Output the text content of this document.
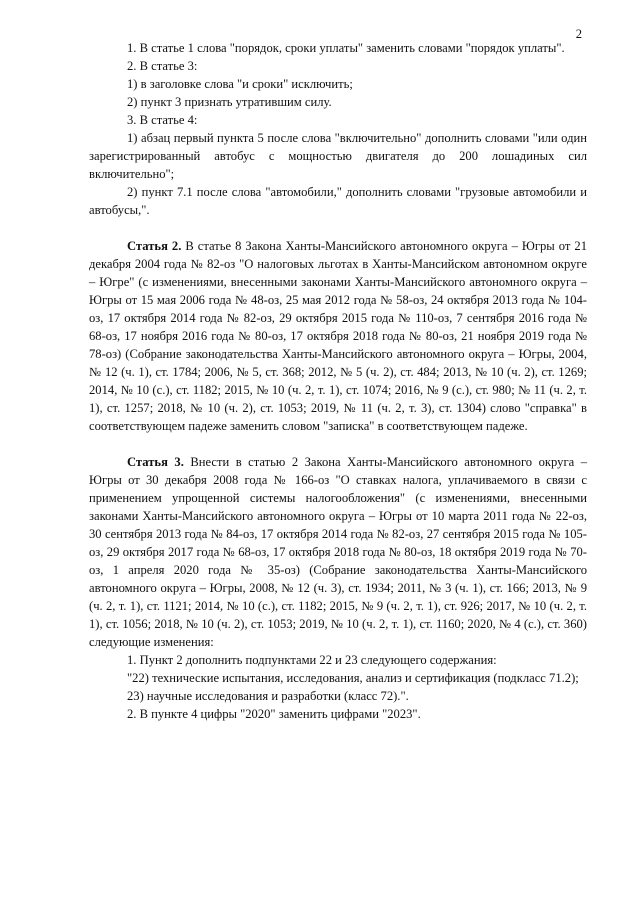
2

1. В статье 1 слова "порядок, сроки уплаты" заменить словами "порядок уплаты".

2. В статье 3:

1) в заголовке слова "и сроки" исключить;

2) пункт 3 признать утратившим силу.

3. В статье 4:

1) абзац первый пункта 5 после слова "включительно" дополнить словами "или один зарегистрированный автобус с мощностью двигателя до 200 лошадиных сил включительно";

2) пункт 7.1 после слова "автомобили," дополнить словами "грузовые автомобили и автобусы,".

Статья 2. В статье 8 Закона Ханты-Мансийского автономного округа – Югры от 21 декабря 2004 года № 82-оз "О налоговых льготах в Ханты-Мансийском автономном округе – Югре" (с изменениями, внесенными законами Ханты-Мансийского автономного округа – Югры от 15 мая 2006 года № 48-оз, 25 мая 2012 года № 58-оз, 24 октября 2013 года № 104-оз, 17 октября 2014 года № 82-оз, 29 октября 2015 года № 110-оз, 7 сентября 2016 года № 68-оз, 17 ноября 2016 года № 80-оз, 17 октября 2018 года № 80-оз, 21 ноября 2019 года № 78-оз) (Собрание законодательства Ханты-Мансийского автономного округа – Югры, 2004, № 12 (ч. 1), ст. 1784; 2006, № 5, ст. 368; 2012, № 5 (ч. 2), ст. 484; 2013, № 10 (ч. 2), ст. 1269; 2014, № 10 (с.), ст. 1182; 2015, № 10 (ч. 2, т. 1), ст. 1074; 2016, № 9 (с.), ст. 980; № 11 (ч. 2, т. 1), ст. 1257; 2018, № 10 (ч. 2), ст. 1053; 2019, № 11 (ч. 2, т. 3), ст. 1304) слово "справка" в соответствующем падеже заменить словом "записка" в соответствующем падеже.

Статья 3. Внести в статью 2 Закона Ханты-Мансийского автономного округа – Югры от 30 декабря 2008 года № 166-оз "О ставках налога, уплачиваемого в связи с применением упрощенной системы налогообложения" (с изменениями, внесенными законами Ханты-Мансийского автономного округа – Югры от 10 марта 2011 года № 22-оз, 30 сентября 2013 года № 84-оз, 17 октября 2014 года № 82-оз, 27 сентября 2015 года № 105-оз, 29 октября 2017 года № 68-оз, 17 октября 2018 года № 80-оз, 18 октября 2019 года № 70-оз, 1 апреля 2020 года № 35-оз) (Собрание законодательства Ханты-Мансийского автономного округа – Югры, 2008, № 12 (ч. 3), ст. 1934; 2011, № 3 (ч. 1), ст. 166; 2013, № 9 (ч. 2, т. 1), ст. 1121; 2014, № 10 (с.), ст. 1182; 2015, № 9 (ч. 2, т. 1), ст. 926; 2017, № 10 (ч. 2, т. 1), ст. 1056; 2018, № 10 (ч. 2), ст. 1053; 2019, № 10 (ч. 2, т. 1), ст. 1160; 2020, № 4 (с.), ст. 360) следующие изменения:

1. Пункт 2 дополнить подпунктами 22 и 23 следующего содержания:

"22) технические испытания, исследования, анализ и сертификация (подкласс 71.2);

23) научные исследования и разработки (класс 72).".

2. В пункте 4 цифры "2020" заменить цифрами "2023".
